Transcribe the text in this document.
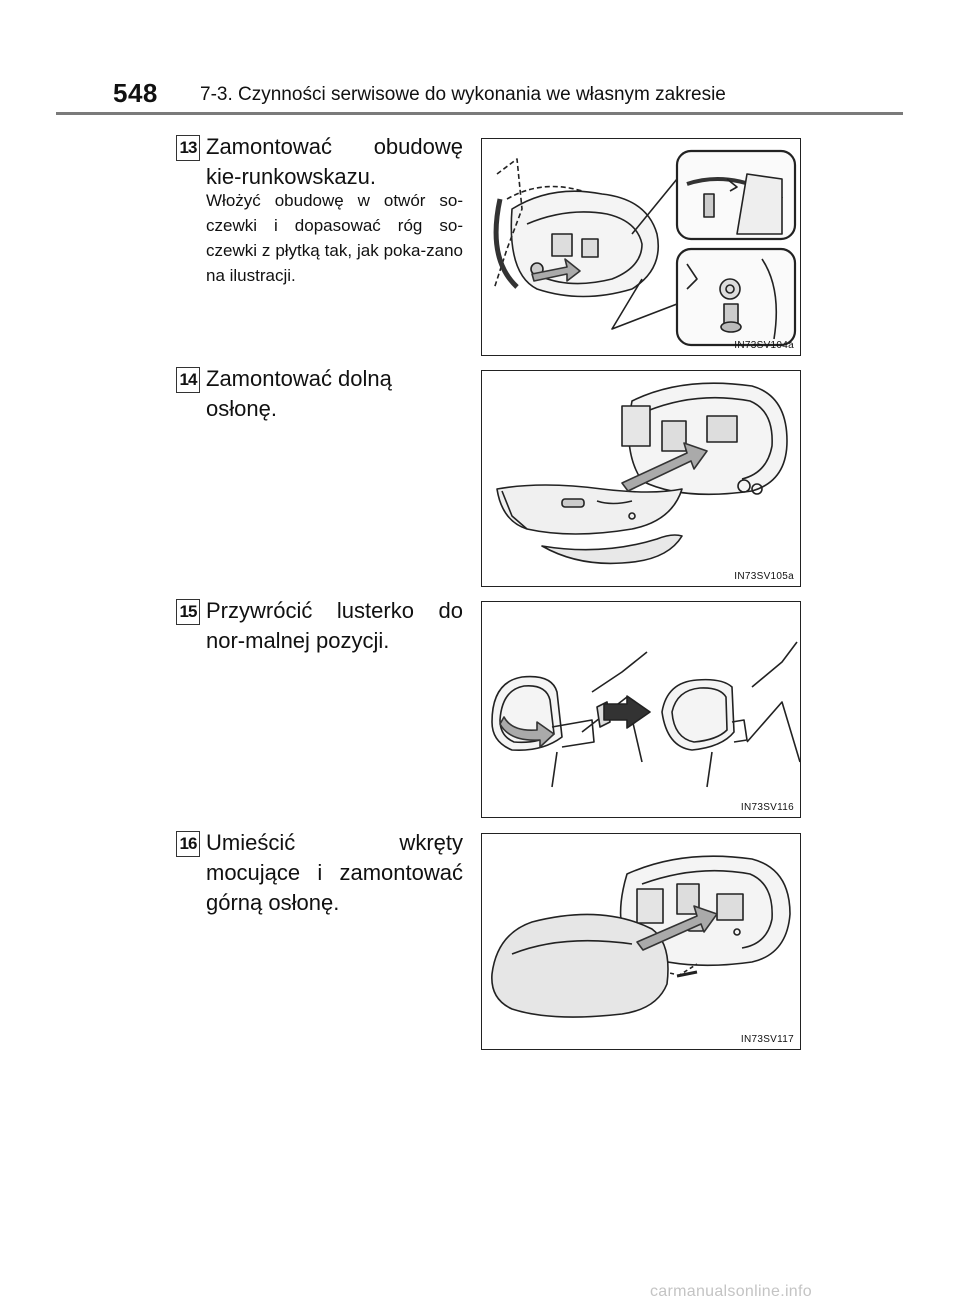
548 7-3. Czynności serwisowe do wykonania we własnym zakresie
13 Zamontować obudowę kie-runkowskazu.
Włożyć obudowę w otwór so-czewki i dopasować róg so-czewki z płytką tak, jak poka-zano na ilustracji.
IN73SV104a
14 Zamontować dolną osłonę.
IN73SV105a
15 Przywrócić lusterko do nor-malnej pozycji.
IN73SV116
16 Umieścić wkręty mocujące i zamontować górną osłonę.
IN73SV117
carmanualsonline.info
